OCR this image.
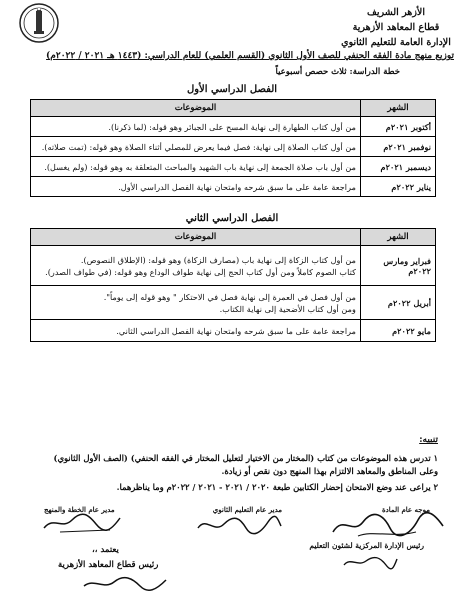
الأزهر الشريف
قطاع المعاهد الأزهرية
الإدارة العامة للتعليم الثانوي
توزيع منهج مادة الفقه الحنفي للصف الأول الثانوي (القسم العلمي) للعام الدراسي: (١٤٤٣ هـ ٢٠٢١ / ٢٠٢٢م)
خطة الدراسة: ثلاث حصص أسبوعياً
الفصل الدراسي الأول
الشهر	الموضوعات
أكتوبر ٢٠٢١م	من أول كتاب الطهارة إلى نهاية المسح على الجبائر وهو قوله: (لما ذكرنا).
نوفمبر ٢٠٢١م	من أول كتاب الصلاة إلى نهاية: فصل فيما يعرض للمصلي أثناء الصلاة وهو قوله: (تمت صلاته).
ديسمبر ٢٠٢١م	من أول باب صلاة الجمعة إلى نهاية باب الشهيد والمباحث المتعلقة به وهو قوله: (ولم يغسل).
يناير ٢٠٢٢م	مراجعة عامة على ما سبق شرحه وامتحان نهاية الفصل الدراسي الأول.
الفصل الدراسي الثاني
الشهر	الموضوعات
فبراير ومارس ٢٠٢٢م	من أول كتاب الزكاة إلى نهاية باب (مصارف الزكاة) وهو قوله: (الإطلاق النصوص).
كتاب الصوم كاملاً ومن أول كتاب الحج إلى نهاية طواف الوداع وهو قوله: (في طواف الصدر).

أبريل ٢٠٢٢م	من أول فصل في العمرة إلى نهاية فصل في الاحتكار " وهو قوله إلى يوماً".
ومن أول كتاب الأضحية إلى نهاية الكتاب.

مايو ٢٠٢٢م	مراجعة عامة على ما سبق شرحه وامتحان نهاية الفصل الدراسي الثاني.
تنبيه:
١ تدرس هذه الموضوعات من كتاب (المختار من الاختيار لتعليل المختار في الفقه الحنفي) (الصف الأول الثانوي) وعلى المناطق والمعاهد الالتزام بهذا المنهج دون نقص أو زيادة.
٢ يراعى عند وضع الامتحان إحضار الكتابين طبعة ٢٠٢٠ / ٢٠٢١ - ٢٠٢١ / ٢٠٢٢م وما يناظرهما.
موجه عام المادة
مدير عام التعليم الثانوي
مدير عام الخطة والمنهج
رئيس الإدارة المركزية لشئون التعليم
يعتمد ،،
رئيس قطاع المعاهد الأزهرية
